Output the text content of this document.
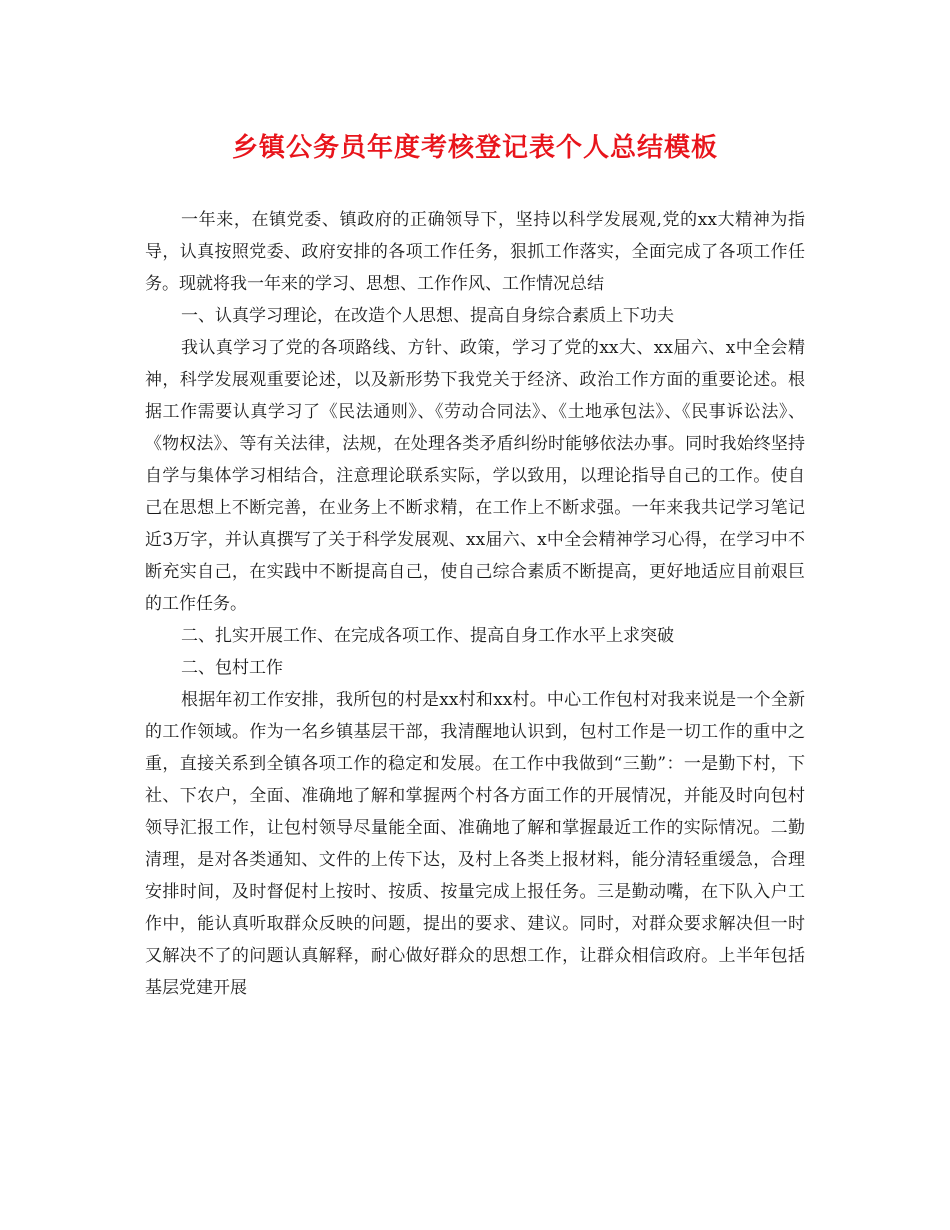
乡镇公务员年度考核登记表个人总结模板

一年来，在镇党委、镇政府的正确领导下，坚持以科学发展观,党的xx大精神为指导，认真按照党委、政府安排的各项工作任务，狠抓工作落实，全面完成了各项工作任务。现就将我一年来的学习、思想、工作作风、工作情况总结

一、认真学习理论，在改造个人思想、提高自身综合素质上下功夫

我认真学习了党的各项路线、方针、政策，学习了党的xx大、xx届六、x中全会精神，科学发展观重要论述，以及新形势下我党关于经济、政治工作方面的重要论述。根据工作需要认真学习了《民法通则》、《劳动合同法》、《土地承包法》、《民事诉讼法》、《物权法》、等有关法律，法规，在处理各类矛盾纠纷时能够依法办事。同时我始终坚持自学与集体学习相结合，注意理论联系实际，学以致用，以理论指导自己的工作。使自己在思想上不断完善，在业务上不断求精，在工作上不断求强。一年来我共记学习笔记近3万字，并认真撰写了关于科学发展观、xx届六、x中全会精神学习心得，在学习中不断充实自己，在实践中不断提高自己，使自己综合素质不断提高，更好地适应目前艰巨的工作任务。

二、扎实开展工作、在完成各项工作、提高自身工作水平上求突破

二、包村工作

根据年初工作安排，我所包的村是xx村和xx村。中心工作包村对我来说是一个全新的工作领域。作为一名乡镇基层干部，我清醒地认识到，包村工作是一切工作的重中之重，直接关系到全镇各项工作的稳定和发展。在工作中我做到“三勤”：一是勤下村，下社、下农户，全面、准确地了解和掌握两个村各方面工作的开展情况，并能及时向包村领导汇报工作，让包村领导尽量能全面、准确地了解和掌握最近工作的实际情况。二勤清理，是对各类通知、文件的上传下达，及村上各类上报材料，能分清轻重缓急，合理安排时间，及时督促村上按时、按质、按量完成上报任务。三是勤动嘴，在下队入户工作中，能认真听取群众反映的问题，提出的要求、建议。同时，对群众要求解决但一时又解决不了的问题认真解释，耐心做好群众的思想工作，让群众相信政府。上半年包括基层党建开展
